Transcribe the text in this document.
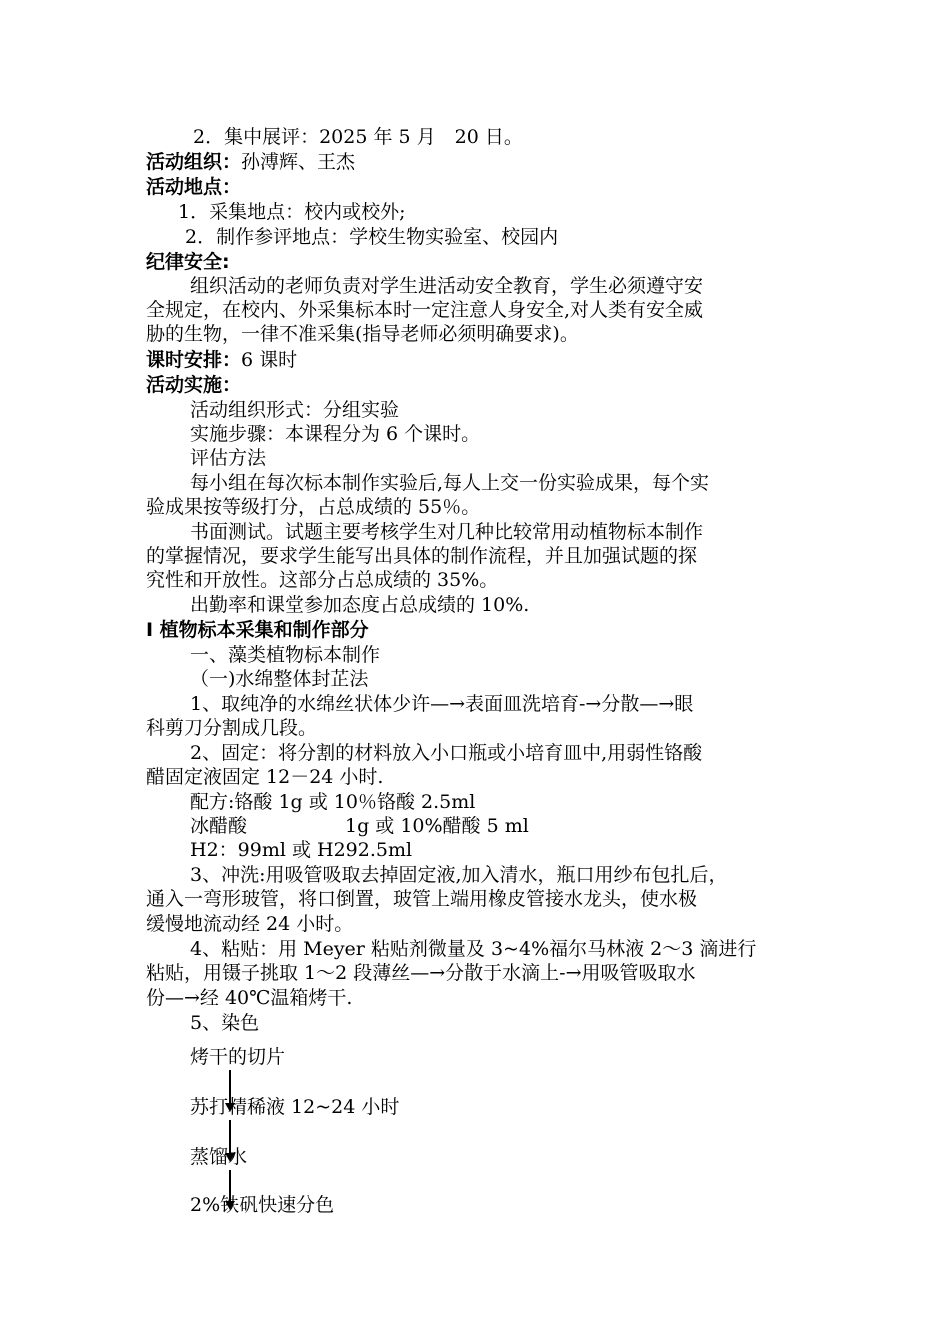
2．集中展评：2025 年 5 月　20 日。
活动组织：孙溥辉、王杰
活动地点：
1．采集地点：校内或校外;
2．制作参评地点：学校生物实验室、校园内
纪律安全:
组织活动的老师负责对学生进活动安全教育，学生必须遵守安
全规定，在校内、外采集标本时一定注意人身安全,对人类有安全威
胁的生物，一律不准采集(指导老师必须明确要求)。
课时安排：6 课时
活动实施：
活动组织形式：分组实验
实施步骤：本课程分为 6 个课时。
评估方法
每小组在每次标本制作实验后,每人上交一份实验成果，每个实
验成果按等级打分，占总成绩的 55％。
书面测试。试题主要考核学生对几种比较常用动植物标本制作
的掌握情况，要求学生能写出具体的制作流程，并且加强试题的探
究性和开放性。这部分占总成绩的 35%。
出勤率和课堂参加态度占总成绩的 10%.
I 植物标本采集和制作部分
一、藻类植物标本制作
（一)水绵整体封芷法
1、取纯净的水绵丝状体少许—→表面皿洗培育-→分散—→眼
科剪刀分割成几段。
2、固定：将分割的材料放入小口瓶或小培育皿中,用弱性铬酸
醋固定液固定 12－24 小时.
配方:铬酸 1g 或 10％铬酸 2.5ml
冰醋酸	1g 或 10%醋酸 5 ml
H2：99ml 或 H292.5ml
3、冲洗:用吸管吸取去掉固定液,加入清水，瓶口用纱布包扎后，
通入一弯形玻管，将口倒置，玻管上端用橡皮管接水龙头，使水极
缓慢地流动经 24 小时。
4、粘贴：用 Meyer 粘贴剂微量及 3~4%福尔马林液 2～3 滴进行
粘贴，用镊子挑取 1～2 段薄丝—→分散于水滴上-→用吸管吸取水
份—→经 40℃温箱烤干.
5、染色
烤干的切片
苏打精稀液 12~24 小时
蒸馏水
2%铁矾快速分色
